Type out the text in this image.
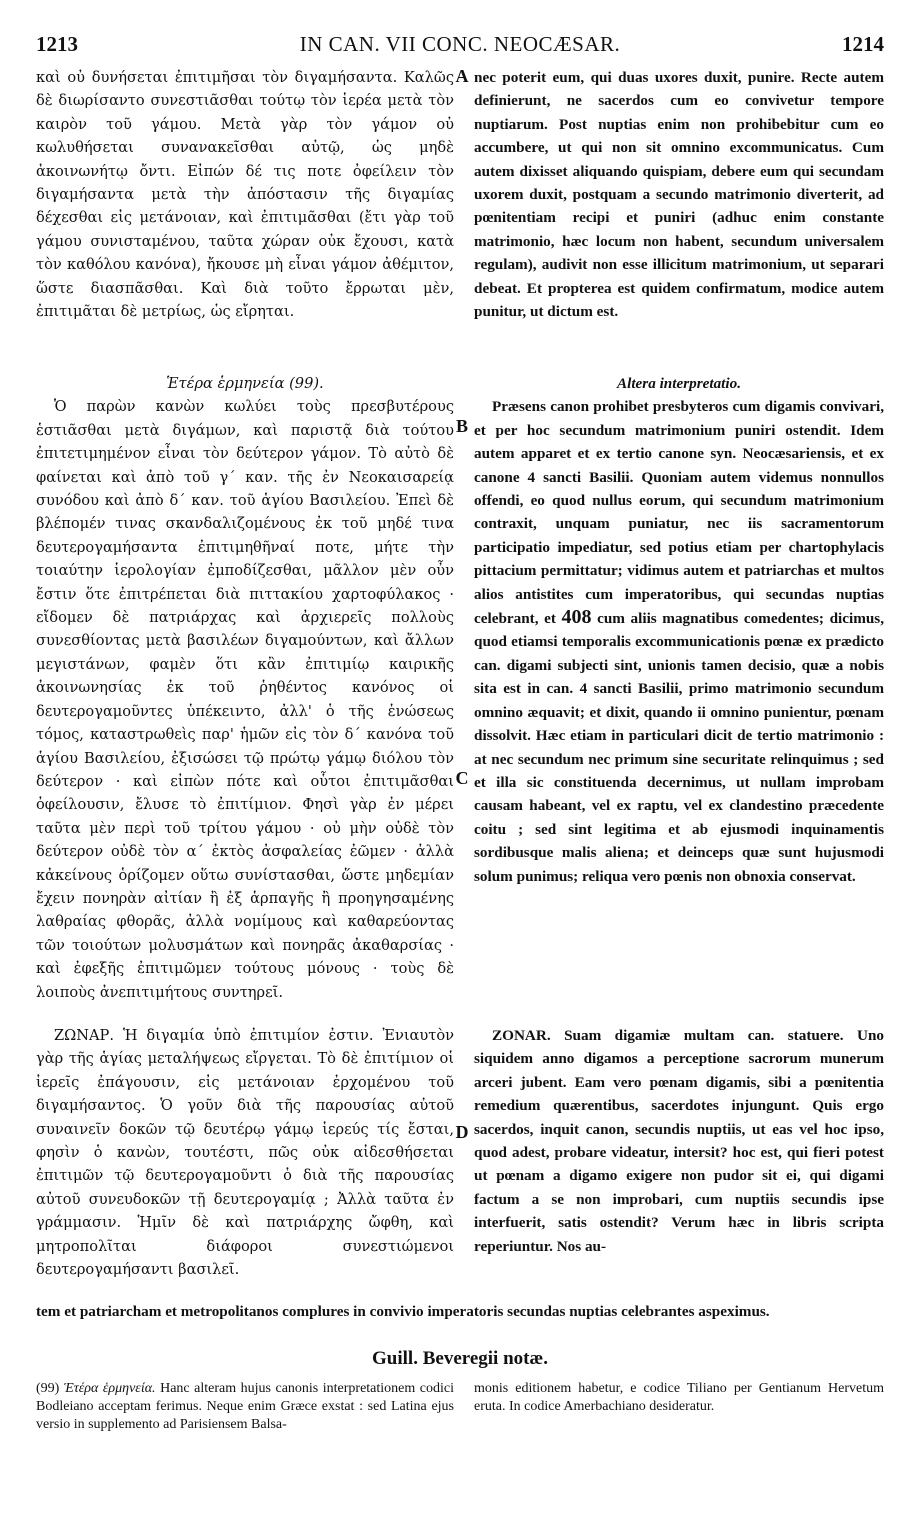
1213	IN CAN. VII CONC. NEOCÆSAR.	1214

καὶ οὐ δυνήσεται ἐπιτιμῆσαι τὸν διγαμήσαντα. Καλῶς δὲ διωρίσαντο συνεστιᾶσθαι τούτῳ τὸν ἱερέα μετὰ τὸν καιρὸν τοῦ γάμου. Μετὰ γὰρ τὸν γάμον οὐ κωλυθήσεται συνανακεῖσθαι αὐτῷ, ὡς μηδὲ ἀκοινωνήτῳ ὄντι. Εἰπών δέ τις ποτε ὀφείλειν τὸν διγαμήσαντα μετὰ τὴν ἀπόστασιν τῆς διγαμίας δέχεσθαι εἰς μετάνοιαν, καὶ ἐπιτιμᾶσθαι (ἔτι γὰρ τοῦ γάμου συνισταμένου, ταῦτα χώραν οὐκ ἔχουσι, κατὰ τὸν καθόλου κανόνα), ἤκουσε μὴ εἶναι γάμον ἀθέμιτον, ὥστε διασπᾶσθαι. Καὶ διὰ τοῦτο ἔρρωται μὲν, ἐπιτιμᾶται δὲ μετρίως, ὡς εἴρηται.

Ἑτέρα ἑρμηνεία (99).

Ὁ παρὼν κανὼν κωλύει τοὺς πρεσβυτέρους ἑστιᾶσθαι μετὰ διγάμων, καὶ παριστᾷ διὰ τούτου ἐπιτετιμημένον εἶναι τὸν δεύτερον γάμον. Τὸ αὐτὸ δὲ φαίνεται καὶ ἀπὸ τοῦ γ΄ καν. τῆς ἐν Νεοκαισαρείᾳ συνόδου καὶ ἀπὸ δ΄ καν. τοῦ ἁγίου Βασιλείου. Ἐπεὶ δὲ βλέπομέν τινας σκανδαλιζομένους ἐκ τοῦ μηδέ τινα δευτερογαμήσαντα ἐπιτιμηθῆναί ποτε, μήτε τὴν τοιαύτην ἱερολογίαν ἐμποδίζεσθαι, μᾶλλον μὲν οὖν ἔστιν ὅτε ἐπιτρέπεται διὰ πιττακίου χαρτοφύλακος · εἴδομεν δὲ πατριάρχας καὶ ἀρχιερεῖς πολλοὺς συνεσθίοντας μετὰ βασιλέων διγαμούντων, καὶ ἄλλων μεγιστάνων, φαμὲν ὅτι κἂν ἐπιτιμίῳ καιρικῆς ἀκοινωνησίας ἐκ τοῦ ῥηθέντος κανόνος οἱ δευτερογαμοῦντες ὑπέκειντο, ἀλλ' ὁ τῆς ἑνώσεως τόμος, καταστρωθεὶς παρ' ἡμῶν εἰς τὸν δ΄ κανόνα τοῦ ἁγίου Βασιλείου, ἐξισώσει τῷ πρώτῳ γάμῳ διόλου τὸν δεύτερον · καὶ εἰπὼν πότε καὶ οὗτοι ἐπιτιμᾶσθαι ὀφείλουσιν, ἔλυσε τὸ ἐπιτίμιον. Φησὶ γὰρ ἐν μέρει ταῦτα μὲν περὶ τοῦ τρίτου γάμου · οὐ μὴν οὐδὲ τὸν δεύτερον οὐδὲ τὸν α΄ ἐκτὸς ἀσφαλείας ἐῶμεν · ἀλλὰ κἀκείνους ὁρίζομεν οὕτω συνίστασθαι, ὥστε μηδεμίαν ἔχειν πονηρὰν αἰτίαν ἢ ἐξ ἁρπαγῆς ἢ προηγησαμένης λαθραίας φθορᾶς, ἀλλὰ νομίμους καὶ καθαρεύοντας τῶν τοιούτων μολυσμάτων καὶ πονηρᾶς ἀκαθαρσίας · καὶ ἐφεξῆς ἐπιτιμῶμεν τούτους μόνους · τοὺς δὲ λοιποὺς ἀνεπιτιμήτους συντηρεῖ.

ΖΩΝΑΡ. Ἡ διγαμία ὑπὸ ἐπιτιμίον ἐστιν. Ἐνιαυτὸν γὰρ τῆς ἁγίας μεταλήψεως εἴργεται. Τὸ δὲ ἐπιτίμιον οἱ ἱερεῖς ἐπάγουσιν, εἰς μετάνοιαν ἐρχομένου τοῦ διγαμήσαντος. Ὁ γοῦν διὰ τῆς παρουσίας αὐτοῦ συναινεῖν δοκῶν τῷ δευτέρῳ γάμῳ ἱερεύς τίς ἔσται, φησὶν ὁ κανὼν, τουτέστι, πῶς οὐκ αἰδεσθήσεται ἐπιτιμῶν τῷ δευτερογαμοῦντι ὁ διὰ τῆς παρουσίας αὐτοῦ συνευδοκῶν τῇ δευτερογαμίᾳ ; Ἀλλὰ ταῦτα ἐν γράμμασιν. Ἡμῖν δὲ καὶ πατριάρχης ὤφθη, καὶ μητροπολῖται διάφοροι συνεστιώμενοι δευτερογαμήσαντι βασιλεῖ.

A
B
C
D

nec poterit eum, qui duas uxores duxit, punire. Recte autem definierunt, ne sacerdos cum eo convivetur tempore nuptiarum. Post nuptias enim non prohibebitur cum eo accumbere, ut qui non sit omnino excommunicatus. Cum autem dixisset aliquando quispiam, debere eum qui secundam uxorem duxit, postquam a secundo matrimonio diverterit, ad pœnitentiam recipi et puniri (adhuc enim constante matrimonio, hæc locum non habent, secundum universalem regulam), audivit non esse illicitum matrimonium, ut separari debeat. Et propterea est quidem confirmatum, modice autem punitur, ut dictum est.

Altera interpretatio.

Præsens canon prohibet presbyteros cum digamis convivari, et per hoc secundum matrimonium puniri ostendit. Idem autem apparet et ex tertio canone syn. Neocæsariensis, et ex canone 4 sancti Basilii. Quoniam autem videmus nonnullos offendi, eo quod nullus eorum, qui secundum matrimonium contraxit, unquam puniatur, nec iis sacramentorum participatio impediatur, sed potius etiam per chartophylacis pittacium permittatur; vidimus autem et patriarchas et multos alios antistites cum imperatoribus, qui secundas nuptias celebrant, et 408 cum aliis magnatibus comedentes; dicimus, quod etiamsi temporalis excommunicationis pœnæ ex prædicto can. digami subjecti sint, unionis tamen decisio, quæ a nobis sita est in can. 4 sancti Basilii, primo matrimonio secundum omnino æquavit; et dixit, quando ii omnino punientur, pœnam dissolvit. Hæc etiam in particulari dicit de tertio matrimonio : at nec secundum nec primum sine securitate relinquimus ; sed et illa sic constituenda decernimus, ut nullam improbam causam habeant, vel ex raptu, vel ex clandestino præcedente coitu ; sed sint legitima et ab ejusmodi inquinamentis sordibusque malis aliena; et deinceps quæ sunt hujusmodi solum punimus; reliqua vero pœnis non obnoxia conservat.

ZONAR. Suam digamiæ multam can. statuere. Uno siquidem anno digamos a perceptione sacrorum munerum arceri jubent. Eam vero pœnam digamis, sibi a pœnitentia remedium quærentibus, sacerdotes injungunt. Quis ergo sacerdos, inquit canon, secundis nuptiis, ut eas vel hoc ipso, quod adest, probare videatur, intersit? hoc est, qui fieri potest ut pœnam a digamo exigere non pudor sit ei, qui digami factum a se non improbari, cum nuptiis secundis ipse interfuerit, satis ostendit? Verum hæc in libris scripta reperiuntur. Nos au-

tem et patriarcham et metropolitanos complures in convivio imperatoris secundas nuptias celebrantes aspeximus.
Guill. Beveregii notæ.
(99) Ἑτέρα ἑρμηνεία. Hanc alteram hujus canonis interpretationem codici Bodleiano acceptam ferimus. Neque enim Græce exstat : sed Latina ejus versio in supplemento ad Parisiensem Balsa-
monis editionem habetur, e codice Tiliano per Gentianum Hervetum eruta. In codice Amerbachiano desideratur.
